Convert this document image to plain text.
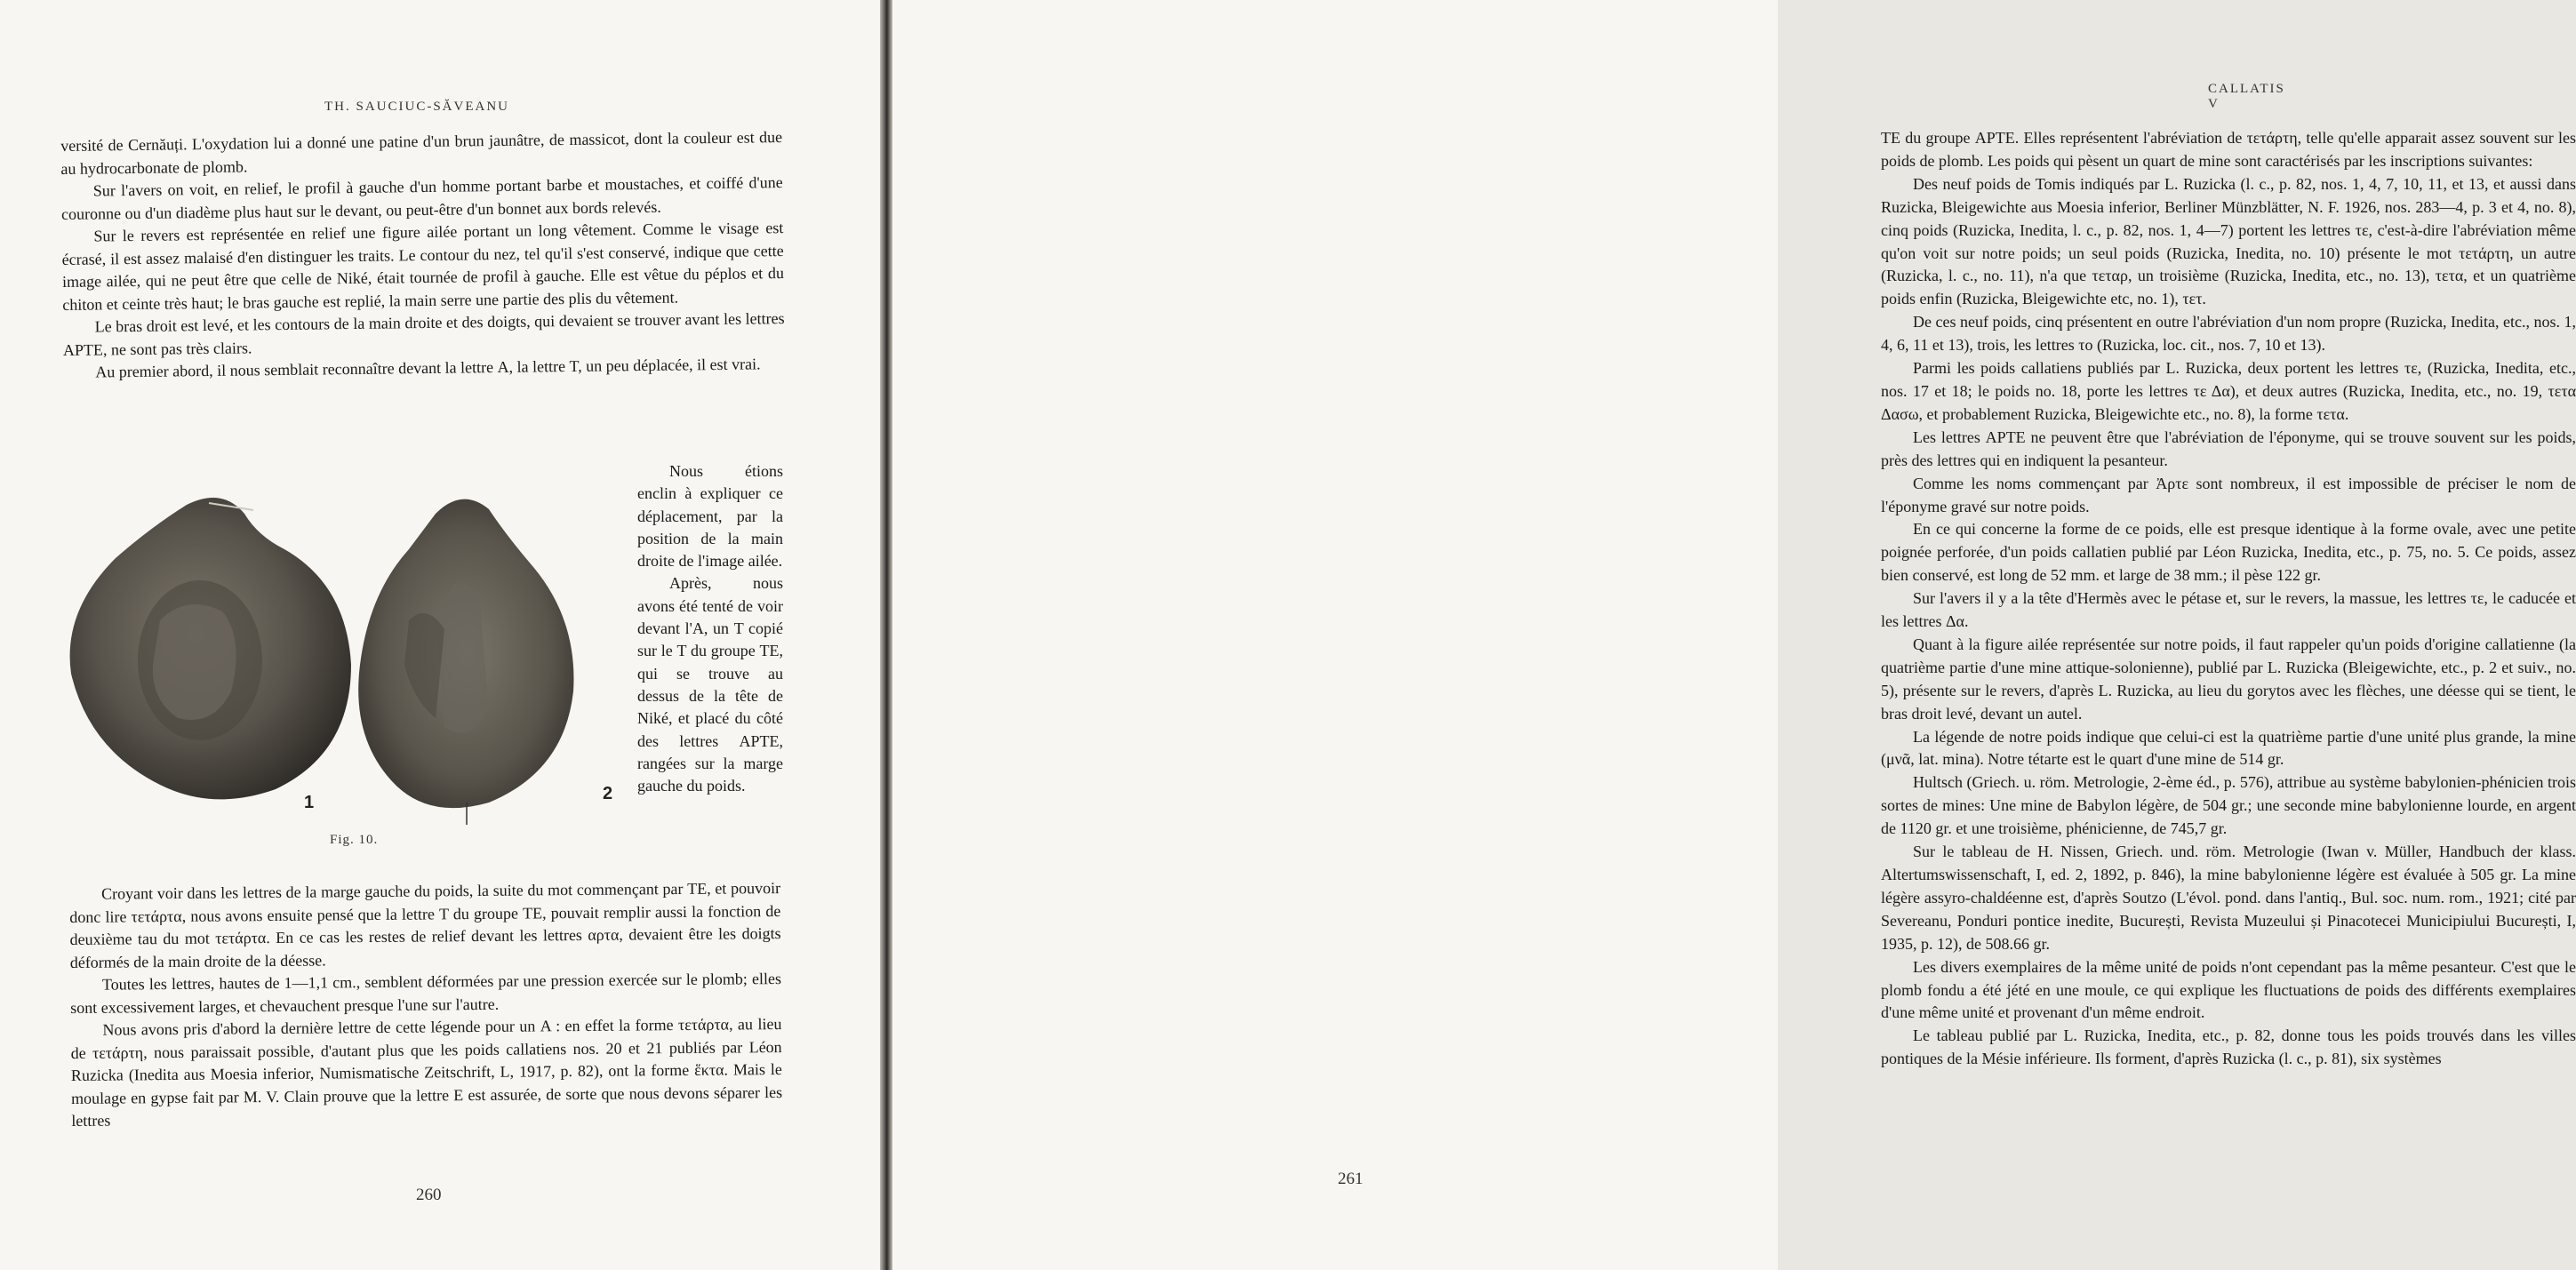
TH. SAUCIUC-SĂVEANU

versité de Cernăuți. L'oxydation lui a donné une patine d'un brun jaunâtre, de massicot, dont la couleur est due au hydrocarbonate de plomb.

Sur l'avers on voit, en relief, le profil à gauche d'un homme portant barbe et moustaches, et coiffé d'une couronne ou d'un diadème plus haut sur le devant, ou peut-être d'un bonnet aux bords relevés.

Sur le revers est représentée en relief une figure ailée portant un long vêtement. Comme le visage est écrasé, il est assez malaisé d'en distinguer les traits. Le contour du nez, tel qu'il s'est conservé, indique que cette image ailée, qui ne peut être que celle de Niké, était tournée de profil à gauche. Elle est vêtue du péplos et du chiton et ceinte très haut; le bras gauche est replié, la main serre une partie des plis du vêtement.

Le bras droit est levé, et les contours de la main droite et des doigts, qui devaient se trouver avant les lettres ΑΡΤΕ, ne sont pas très clairs.

Au premier abord, il nous semblait reconnaître devant la lettre Α, la lettre Τ, un peu déplacée, il est vrai.

1	2
Fig. 10.

Nous étions enclin à expliquer ce déplacement, par la position de la main droite de l'image ailée.

Après, nous avons été tenté de voir devant l'Α, un Τ copié sur le Τ du groupe ΤΕ, qui se trouve au dessus de la tête de Niké, et placé du côté des lettres ΑΡΤΕ, rangées sur la marge gauche du poids.

Croyant voir dans les lettres de la marge gauche du poids, la suite du mot commençant par ΤΕ, et pouvoir donc lire τετάρτα, nous avons ensuite pensé que la lettre Τ du groupe ΤΕ, pouvait remplir aussi la fonction de deuxième tau du mot τετάρτα. En ce cas les restes de relief devant les lettres αρτα, devaient être les doigts déformés de la main droite de la déesse.

Toutes les lettres, hautes de 1—1,1 cm., semblent déformées par une pression exercée sur le plomb; elles sont excessivement larges, et chevauchent presque l'une sur l'autre.

Nous avons pris d'abord la dernière lettre de cette légende pour un Α : en effet la forme τετάρτα, au lieu de τετάρτη, nous paraissait possible, d'autant plus que les poids callatiens nos. 20 et 21 publiés par Léon Ruzicka (Inedita aus Moesia inferior, Numismatische Zeitschrift, L, 1917, p. 82), ont la forme ἕκτα. Mais le moulage en gypse fait par M. V. Clain prouve que la lettre E est assurée, de sorte que nous devons séparer les lettres

260
CALLATIS V

ΤΕ du groupe ΑΡΤΕ. Elles représentent l'abréviation de τετάρτη, telle qu'elle apparait assez souvent sur les poids de plomb. Les poids qui pèsent un quart de mine sont caractérisés par les inscriptions suivantes:

Des neuf poids de Tomis indiqués par L. Ruzicka (l. c., p. 82, nos. 1, 4, 7, 10, 11, et 13, et aussi dans Ruzicka, Bleigewichte aus Moesia inferior, Berliner Münzblätter, N. F. 1926, nos. 283—4, p. 3 et 4, no. 8), cinq poids (Ruzicka, Inedita, l. c., p. 82, nos. 1, 4—7) portent les lettres τε, c'est-à-dire l'abréviation même qu'on voit sur notre poids; un seul poids (Ruzicka, Inedita, no. 10) présente le mot τετάρτη, un autre (Ruzicka, l. c., no. 11), n'a que τεταρ, un troisième (Ruzicka, Inedita, etc., no. 13), τετα, et un quatrième poids enfin (Ruzicka, Bleigewichte etc, no. 1), τετ.

De ces neuf poids, cinq présentent en outre l'abréviation d'un nom propre (Ruzicka, Inedita, etc., nos. 1, 4, 6, 11 et 13), trois, les lettres το (Ruzicka, loc. cit., nos. 7, 10 et 13).

Parmi les poids callatiens publiés par L. Ruzicka, deux portent les lettres τε, (Ruzicka, Inedita, etc., nos. 17 et 18; le poids no. 18, porte les lettres τε Δα), et deux autres (Ruzicka, Inedita, etc., no. 19, τετα Δασω, et probablement Ruzicka, Bleigewichte etc., no. 8), la forme τετα.

Les lettres ΑΡΤΕ ne peuvent être que l'abréviation de l'éponyme, qui se trouve souvent sur les poids, près des lettres qui en indiquent la pesanteur.

Comme les noms commençant par Ἀρτε sont nombreux, il est impossible de préciser le nom de l'éponyme gravé sur notre poids.

En ce qui concerne la forme de ce poids, elle est presque identique à la forme ovale, avec une petite poignée perforée, d'un poids callatien publié par Léon Ruzicka, Inedita, etc., p. 75, no. 5. Ce poids, assez bien conservé, est long de 52 mm. et large de 38 mm.; il pèse 122 gr.

Sur l'avers il y a la tête d'Hermès avec le pétase et, sur le revers, la massue, les lettres τε, le caducée et les lettres Δα.

Quant à la figure ailée représentée sur notre poids, il faut rappeler qu'un poids d'origine callatienne (la quatrième partie d'une mine attique-solonienne), publié par L. Ruzicka (Bleigewichte, etc., p. 2 et suiv., no. 5), présente sur le revers, d'après L. Ruzicka, au lieu du gorytos avec les flèches, une déesse qui se tient, le bras droit levé, devant un autel.

La légende de notre poids indique que celui-ci est la quatrième partie d'une unité plus grande, la mine (μνᾶ, lat. mina). Notre tétarte est le quart d'une mine de 514 gr.

Hultsch (Griech. u. röm. Metrologie, 2-ème éd., p. 576), attribue au système babylonien-phénicien trois sortes de mines: Une mine de Babylon légère, de 504 gr.; une seconde mine babylonienne lourde, en argent de 1120 gr. et une troisième, phénicienne, de 745,7 gr.

Sur le tableau de H. Nissen, Griech. und. röm. Metrologie (Iwan v. Müller, Handbuch der klass. Altertumswissenschaft, I, ed. 2, 1892, p. 846), la mine babylonienne légère est évaluée à 505 gr. La mine légère assyro-chaldéenne est, d'après Soutzo (L'évol. pond. dans l'antiq., Bul. soc. num. rom., 1921; cité par Severeanu, Ponduri pontice inedite, București, Revista Muzeului și Pinacotecei Municipiului București, I, 1935, p. 12), de 508.66 gr.

Les divers exemplaires de la même unité de poids n'ont cependant pas la même pesanteur. C'est que le plomb fondu a été jété en une moule, ce qui explique les fluctuations de poids des différents exemplaires d'une même unité et provenant d'un même endroit.

Le tableau publié par L. Ruzicka, Inedita, etc., p. 82, donne tous les poids trouvés dans les villes pontiques de la Mésie inférieure. Ils forment, d'après Ruzicka (l. c., p. 81), six systèmes

261
